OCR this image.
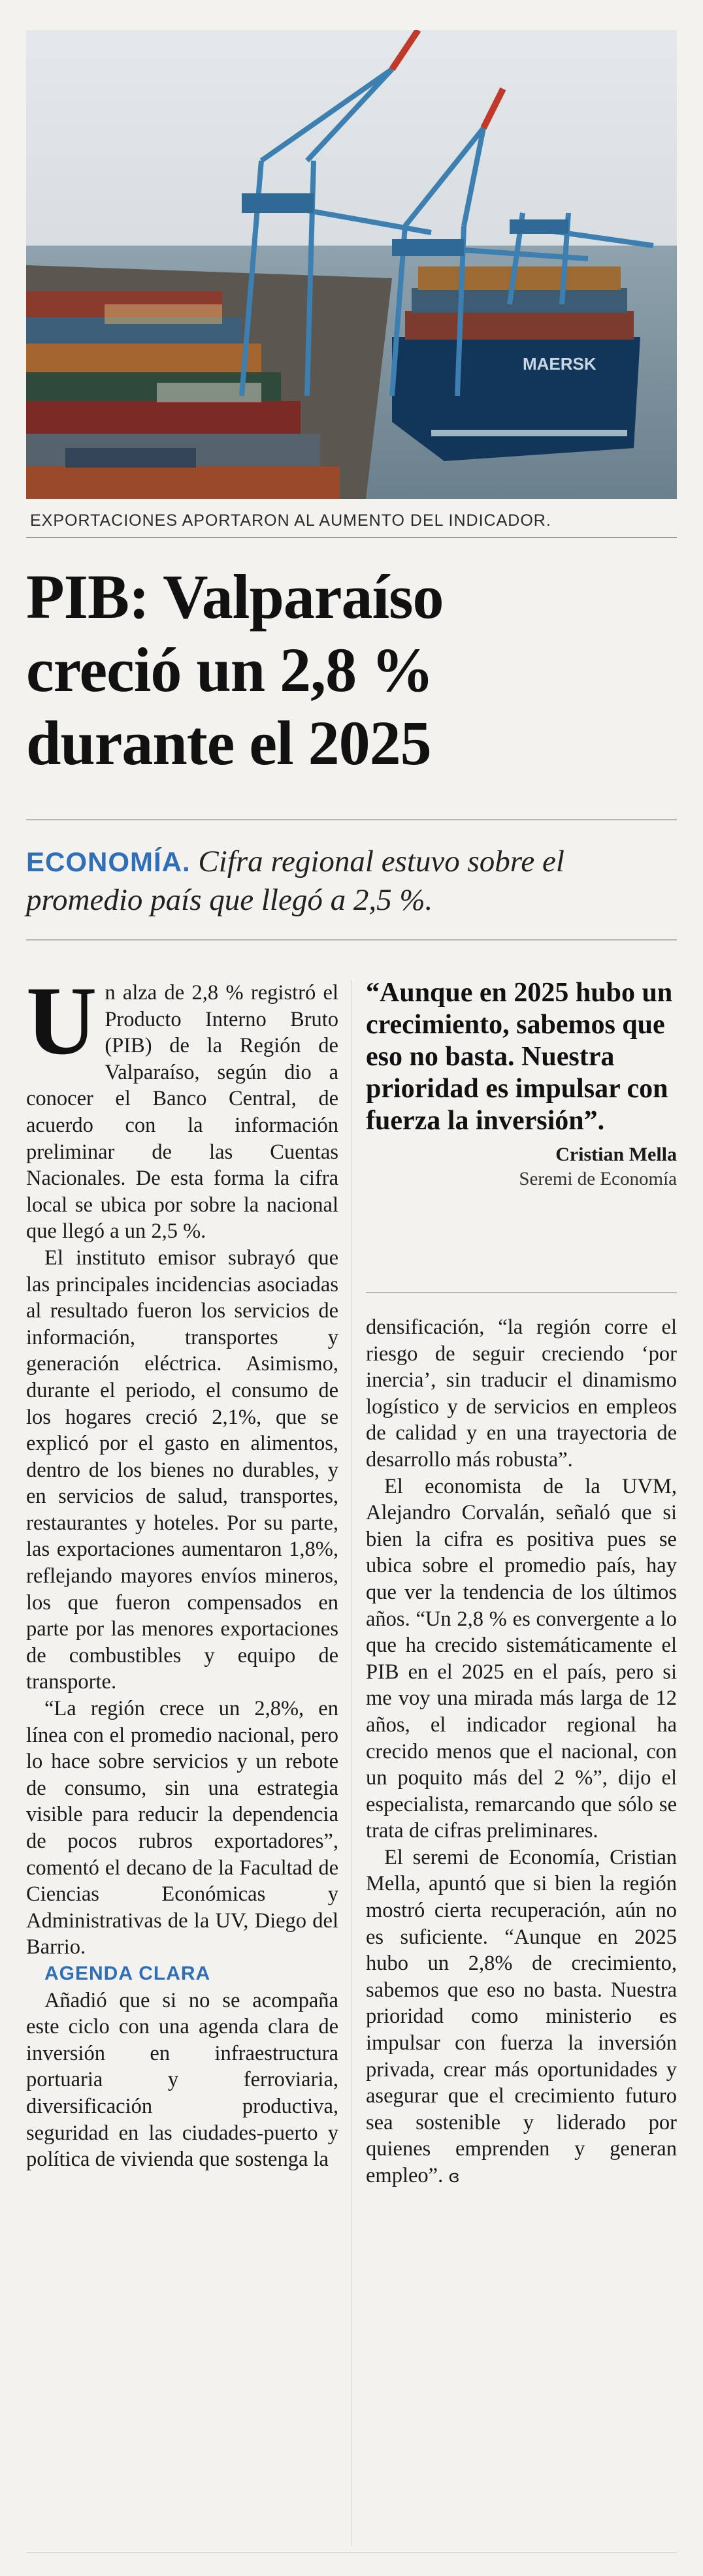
MAERSK
EXPORTACIONES APORTARON AL AUMENTO DEL INDICADOR.
PIB: Valparaíso
creció un 2,8 %
durante el 2025
ECONOMÍA. Cifra regional estuvo sobre el promedio país que llegó a 2,5 %.

Un alza de 2,8 % registró el Producto Interno Bruto (PIB) de la Región de Valparaíso, según dio a conocer el Banco Central, de acuerdo con la información preliminar de las Cuentas Nacionales. De esta forma la cifra local se ubica por sobre la nacional que llegó a un 2,5 %.

El instituto emisor subrayó que las principales incidencias asociadas al resultado fueron los servicios de información, transportes y generación eléctrica. Asimismo, durante el periodo, el consumo de los hogares creció 2,1%, que se explicó por el gasto en alimentos, dentro de los bienes no durables, y en servicios de salud, transportes, restaurantes y hoteles. Por su parte, las exportaciones aumentaron 1,8%, reflejando mayores envíos mineros, los que fueron compensados en parte por las menores exportaciones de combustibles y equipo de transporte.

“La región crece un 2,8%, en línea con el promedio nacional, pero lo hace sobre servicios y un rebote de consumo, sin una estrategia visible para reducir la dependencia de pocos rubros exportadores”, comentó el decano de la Facultad de Ciencias Económicas y Administrativas de la UV, Diego del Barrio.

AGENDA CLARA

Añadió que si no se acompaña este ciclo con una agenda clara de inversión en infraestructura portuaria y ferroviaria, diversificación productiva, seguridad en las ciudades-puerto y política de vivienda que sostenga la

“Aunque en 2025 hubo un crecimiento, sabemos que eso no basta. Nuestra prioridad es impulsar con fuerza la inversión”.

Cristian Mella
Seremi de Economía

densificación, “la región corre el riesgo de seguir creciendo ‘por inercia’, sin traducir el dinamismo logístico y de servicios en empleos de calidad y en una trayectoria de desarrollo más robusta”.

El economista de la UVM, Alejandro Corvalán, señaló que si bien la cifra es positiva pues se ubica sobre el promedio país, hay que ver la tendencia de los últimos años. “Un 2,8 % es convergente a lo que ha crecido sistemáticamente el PIB en el 2025 en el país, pero si me voy una mirada más larga de 12 años, el indicador regional ha crecido menos que el nacional, con un poquito más del 2 %”, dijo el especialista, remarcando que sólo se trata de cifras preliminares.

El seremi de Economía, Cristian Mella, apuntó que si bien la región mostró cierta recuperación, aún no es suficiente. “Aunque en 2025 hubo un 2,8% de crecimiento, sabemos que eso no basta. Nuestra prioridad como ministerio es impulsar con fuerza la inversión privada, crear más oportunidades y asegurar que el crecimiento futuro sea sostenible y liderado por quienes emprenden y generan empleo”. ɞ
